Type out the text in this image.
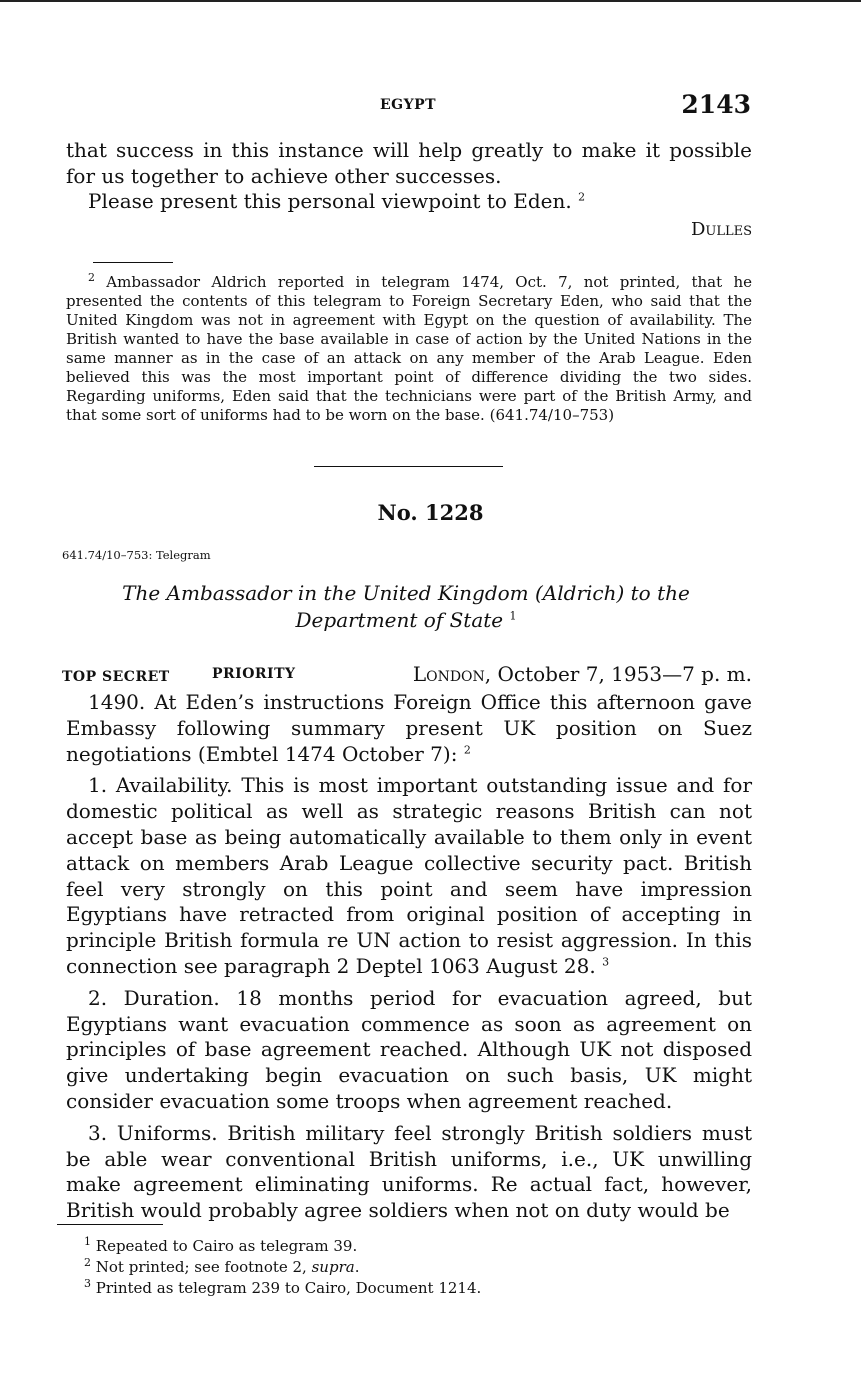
EGYPT	2143

that success in this instance will help greatly to make it possible for us together to achieve other successes.

Please present this personal viewpoint to Eden. $^2$

Dulles

$^2$ Ambassador Aldrich reported in telegram 1474, Oct. 7, not printed, that he presented the contents of this telegram to Foreign Secretary Eden, who said that the United Kingdom was not in agreement with Egypt on the question of availability. The British wanted to have the base available in case of action by the United Nations in the same manner as in the case of an attack on any member of the Arab League. Eden believed this was the most important point of difference dividing the two sides. Regarding uniforms, Eden said that the technicians were part of the British Army, and that some sort of uniforms had to be worn on the base. (641.74/10–753)

No. 1228
641.74/10–753: Telegram
The Ambassador in the United Kingdom (Aldrich) to the
Department of State $^1$
TOP SECRET	PRIORITY	London, October 7, 1953—7 p. m.

1490. At Eden’s instructions Foreign Office this afternoon gave Embassy following summary present UK position on Suez negotiations (Embtel 1474 October 7): $^2$

1. Availability. This is most important outstanding issue and for domestic political as well as strategic reasons British can not accept base as being automatically available to them only in event attack on members Arab League collective security pact. British feel very strongly on this point and seem have impression Egyptians have retracted from original position of accepting in principle British formula re UN action to resist aggression. In this connection see paragraph 2 Deptel 1063 August 28. $^3$

2. Duration. 18 months period for evacuation agreed, but Egyptians want evacuation commence as soon as agreement on principles of base agreement reached. Although UK not disposed give undertaking begin evacuation on such basis, UK might consider evacuation some troops when agreement reached.

3. Uniforms. British military feel strongly British soldiers must be able wear conventional British uniforms, i.e., UK unwilling make agreement eliminating uniforms. Re actual fact, however, British would probably agree soldiers when not on duty would be

$^1$ Repeated to Cairo as telegram 39.
$^2$ Not printed; see footnote 2, supra.
$^3$ Printed as telegram 239 to Cairo, Document 1214.
